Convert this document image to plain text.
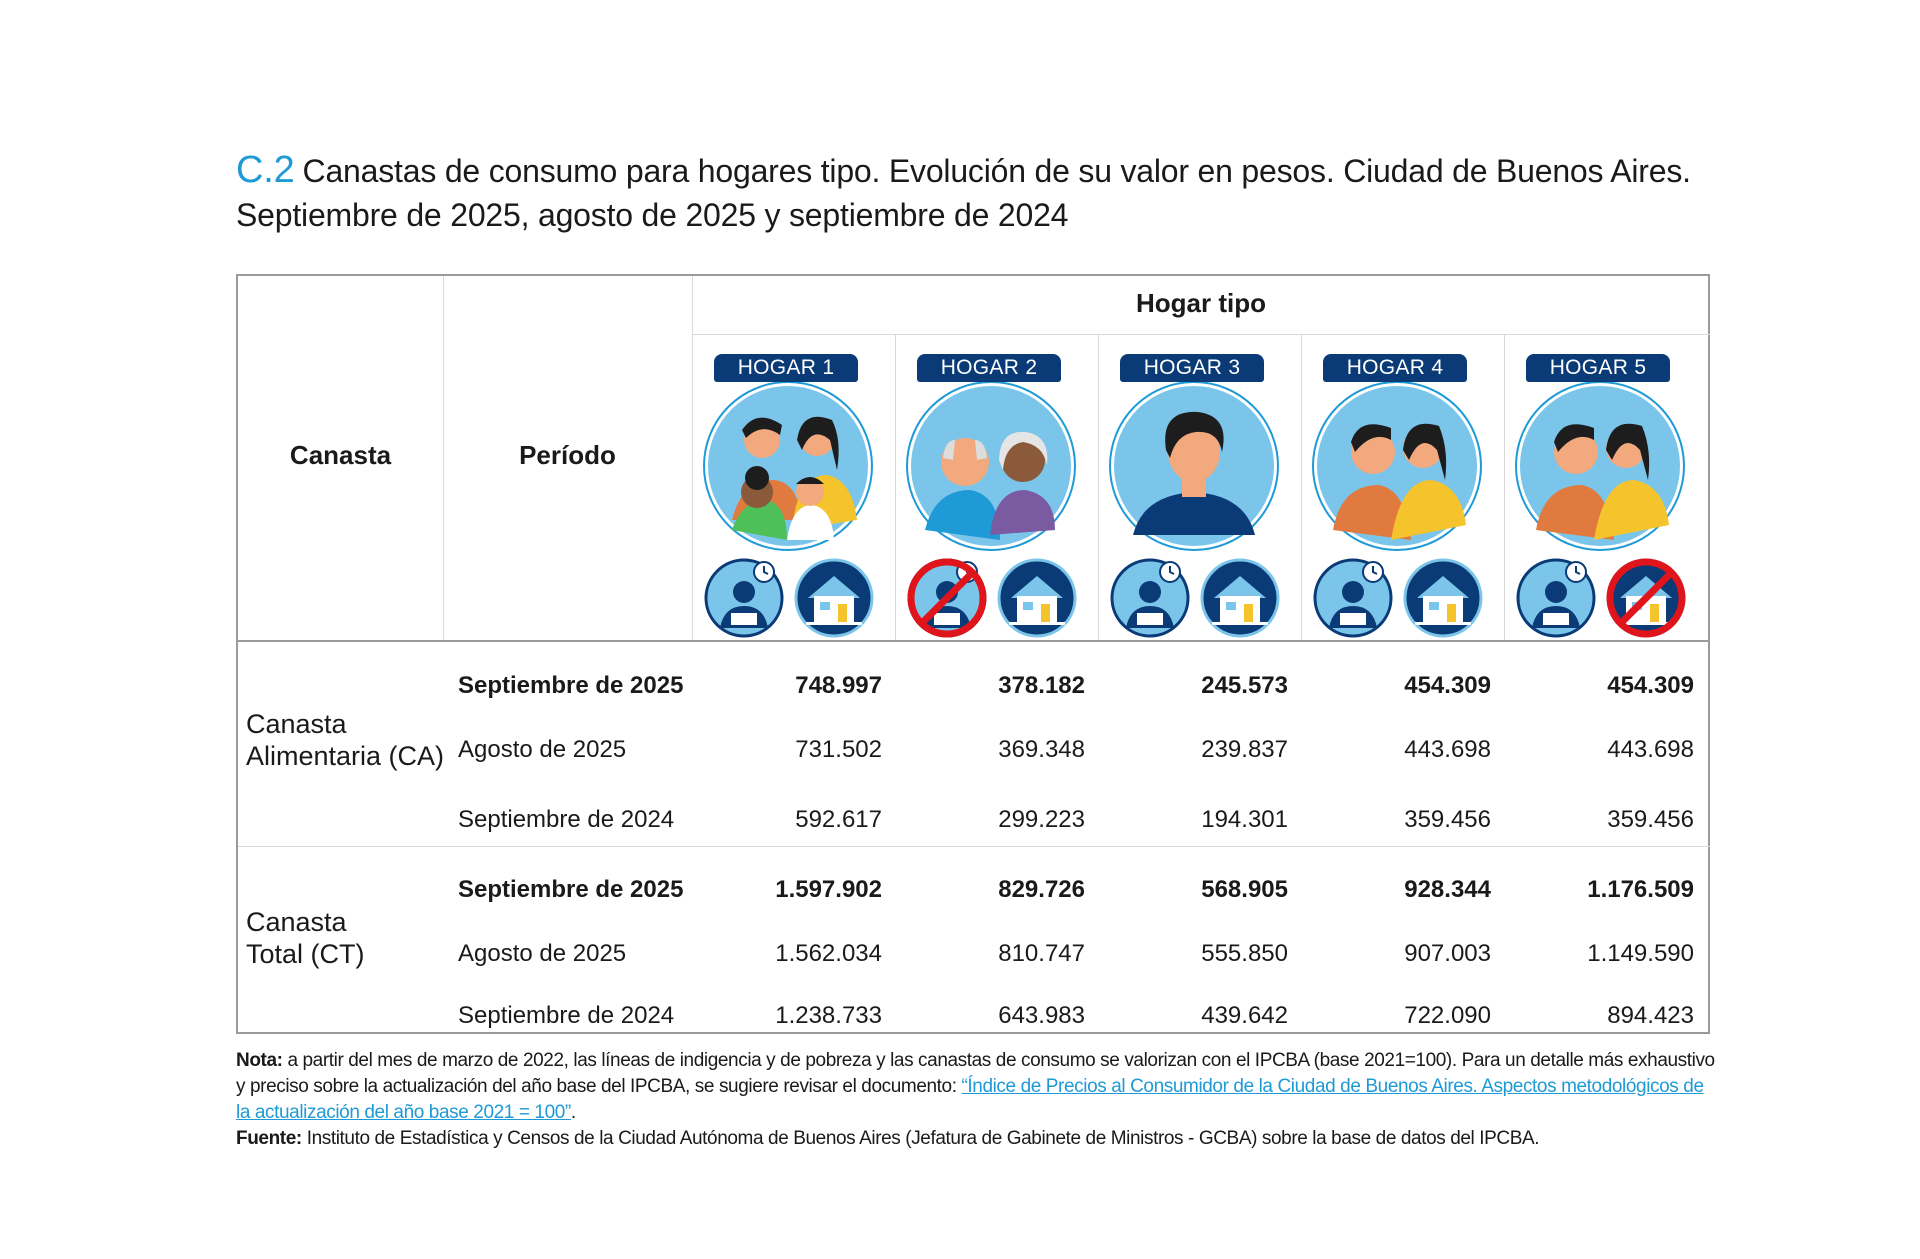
C.2 Canastas de consumo para hogares tipo. Evolución de su valor en pesos. Ciudad de Buenos Aires.
Septiembre de 2025, agosto de 2025 y septiembre de 2024
Canasta	Período
Hogar tipo
HOGAR 1	HOGAR 2	HOGAR 3	HOGAR 4	HOGAR 5
Canasta
Alimentaria (CA)
Septiembre de 2025	748.997	378.182	245.573	454.309	454.309
Agosto de 2025	731.502	369.348	239.837	443.698	443.698
Septiembre de 2024	592.617	299.223	194.301	359.456	359.456
Canasta
Total (CT)
Septiembre de 2025	1.597.902	829.726	568.905	928.344	1.176.509
Agosto de 2025	1.562.034	810.747	555.850	907.003	1.149.590
Septiembre de 2024	1.238.733	643.983	439.642	722.090	894.423
Nota: a partir del mes de marzo de 2022, las líneas de indigencia y de pobreza y las canastas de consumo se valorizan con el IPCBA (base 2021=100). Para un detalle más exhaustivo y preciso sobre la actualización del año base del IPCBA, se sugiere revisar el documento: “Índice de Precios al Consumidor de la Ciudad de Buenos Aires. Aspectos metodológicos de la actualización del año base 2021 = 100”.
Fuente: Instituto de Estadística y Censos de la Ciudad Autónoma de Buenos Aires (Jefatura de Gabinete de Ministros - GCBA) sobre la base de datos del IPCBA.
